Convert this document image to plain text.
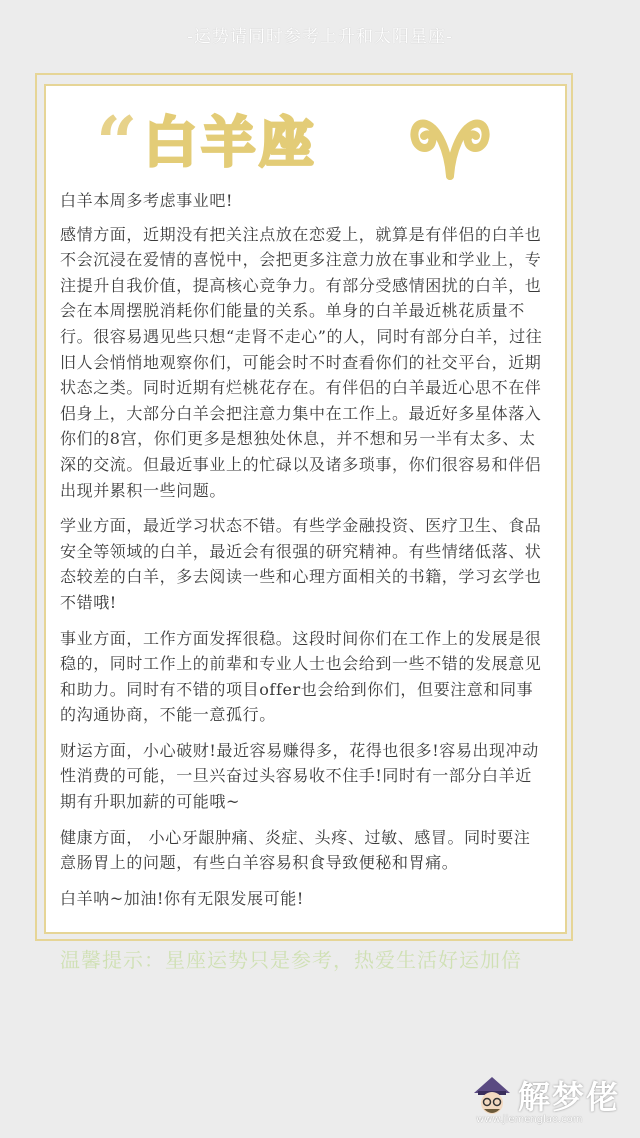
-运势请同时参考上升和太阳星座-
“ 白羊座

白羊本周多考虑事业吧!

感情方面，近期没有把关注点放在恋爱上，就算是有伴侣的白羊也不会沉浸在爱情的喜悦中，会把更多注意力放在事业和学业上，专注提升自我价值，提高核心竞争力。有部分受感情困扰的白羊，也会在本周摆脱消耗你们能量的关系。单身的白羊最近桃花质量不行。很容易遇见些只想“走肾不走心”的人，同时有部分白羊，过往旧人会悄悄地观察你们，可能会时不时查看你们的社交平台，近期状态之类。同时近期有烂桃花存在。有伴侣的白羊最近心思不在伴侣身上，大部分白羊会把注意力集中在工作上。最近好多星体落入你们的8宫，你们更多是想独处休息，并不想和另一半有太多、太深的交流。但最近事业上的忙碌以及诸多琐事，你们很容易和伴侣出现并累积一些问题。

学业方面，最近学习状态不错。有些学金融投资、医疗卫生、食品安全等领域的白羊，最近会有很强的研究精神。有些情绪低落、状态较差的白羊，多去阅读一些和心理方面相关的书籍，学习玄学也不错哦!

事业方面，工作方面发挥很稳。这段时间你们在工作上的发展是很稳的，同时工作上的前辈和专业人士也会给到一些不错的发展意见和助力。同时有不错的项目offer也会给到你们，但要注意和同事的沟通协商，不能一意孤行。

财运方面，小心破财!最近容易赚得多，花得也很多!容易出现冲动性消费的可能，一旦兴奋过头容易收不住手!同时有一部分白羊近期有升职加薪的可能哦~

健康方面， 小心牙龈肿痛、炎症、头疼、过敏、感冒。同时要注意肠胃上的问题，有些白羊容易积食导致便秘和胃痛。

白羊呐~加油!你有无限发展可能!

温馨提示：星座运势只是参考，热爱生活好运加倍
解梦佬
www.jiemenglao.com
